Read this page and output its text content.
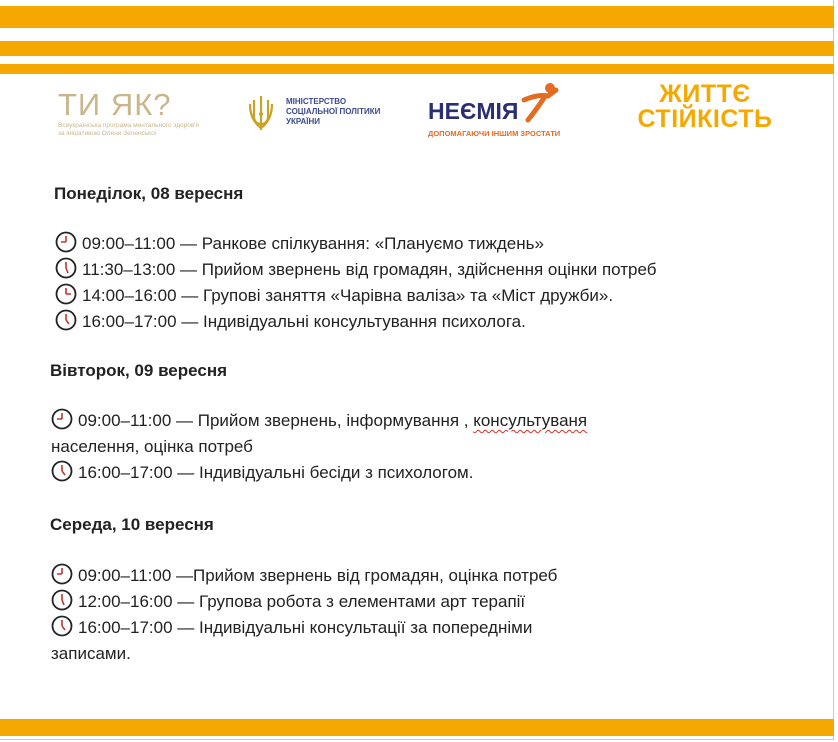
ТИ ЯК?
Всеукраїнська програма ментального здоров'я
за ініціативою Олени Зеленської
МІНІСТЕРСТВО
СОЦІАЛЬНОЇ ПОЛІТИКИ
УКРАЇНИ	НЕЄМІЯ
ДОПОМАГАЮЧИ ІНШИМ ЗРОСТАТИ
ЖИТТЄ
СТІЙКІСТЬ
Понеділок, 08 вересня
09:00–11:00 — Ранкове спілкування: «Плануємо тиждень»
11:30–13:00 — Прийом звернень від громадян, здійснення оцінки потреб
14:00–16:00 — Групові заняття «Чарівна валіза» та «Міст дружби».
16:00–17:00 — Індивідуальні консультування психолога.
Вівторок, 09 вересня
09:00–11:00 — Прийом звернень, інформування , консультуваня
населення, оцінка потреб
16:00–17:00 — Індивідуальні бесіди з психологом.
Середа, 10 вересня
09:00–11:00 —Прийом звернень від громадян, оцінка потреб
12:00–16:00 — Групова робота з елементами арт терапії
16:00–17:00 — Індивідуальні консультації за попередніми
записами.
